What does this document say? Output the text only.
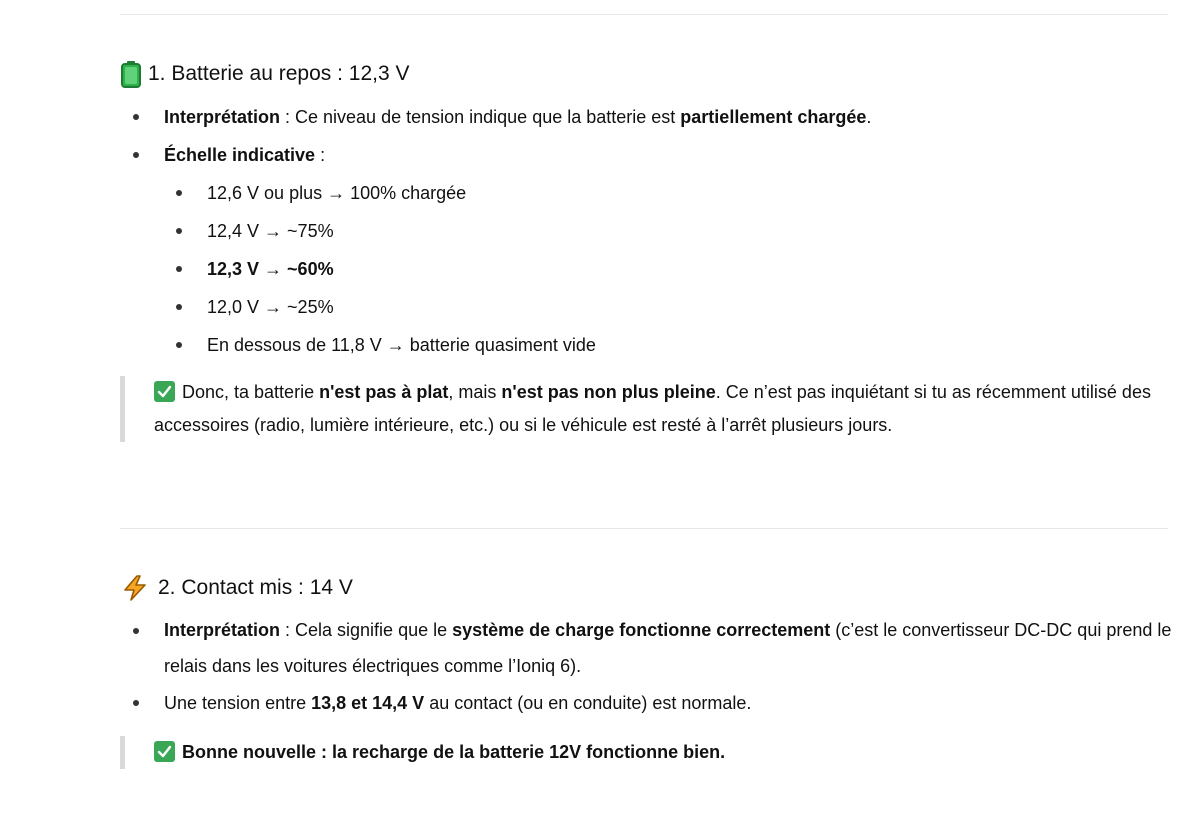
1. Batterie au repos : 12,3 V
Interprétation : Ce niveau de tension indique que la batterie est partiellement chargée.
Échelle indicative :
12,6 V ou plus → 100% chargée
12,4 V → ~75%
12,3 V → ~60%
12,0 V → ~25%
En dessous de 11,8 V → batterie quasiment vide
Donc, ta batterie n'est pas à plat, mais n'est pas non plus pleine. Ce n’est pas inquiétant si tu as récemment utilisé des accessoires (radio, lumière intérieure, etc.) ou si le véhicule est resté à l’arrêt plusieurs jours.
2. Contact mis : 14 V
Interprétation : Cela signifie que le système de charge fonctionne correctement (c’est le convertisseur DC-DC qui prend le relais dans les voitures électriques comme l’Ioniq 6).
Une tension entre 13,8 et 14,4 V au contact (ou en conduite) est normale.
Bonne nouvelle : la recharge de la batterie 12V fonctionne bien.
